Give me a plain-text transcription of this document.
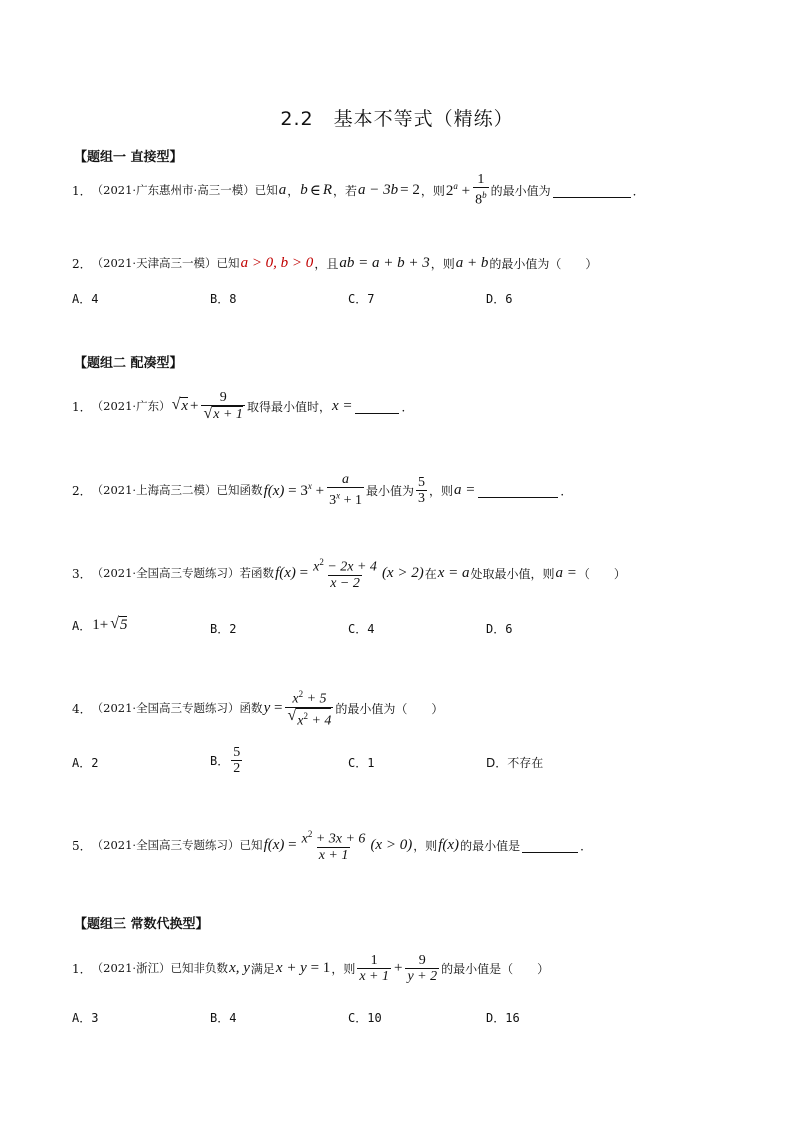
2.2　基本不等式（精练）
【题组一 直接型】
1． （2021·广东惠州市·高三一模）已知 a ， b ∈ R ，若 a − 3b = 2 ，则 $2^a + \frac{1}{8^b}$ 的最小值为	．
2． （2021·天津高三一模）已知 a > 0, b > 0 ，且 ab = a + b + 3 ，则 a + b 的最小值为（　　）
A．4	B．8	C．7	D．6
【题组二 配凑型】
1． （2021·广东） √ $x + \frac{9}{√ x + 1}$ 取得最小值时， x =	．
2． （2021·上海高三二模）已知函数 $f(x) = 3^x + \frac{a}{3^x + 1}$ 最小值为 $\frac{5}{3}$ ，则 a =	．
3． （2021·全国高三专题练习）若函数 $f(x) = \frac{x^2 - 2x + 4}{x - 2} (x > 2)$ 在 x = a 处取最小值，则 a = （　　）
A． 1+ √ 5	B．2	C．4	D．6
4． （2021·全国高三专题练习）函数 $y = \frac{x^2 + 5}{√ x^2 + 4}$ 的最小值为（　　）
A．2	B． $\frac{5}{2}$	C．1	D．不存在
5． （2021·全国高三专题练习）已知 $f(x) = \frac{x^2 + 3x + 6}{x + 1} (x > 0)$ ，则 f(x) 的最小值是	．
【题组三 常数代换型】
1． （2021·浙江）已知非负数 x, y 满足 x + y = 1 ，则 $\frac{1}{x + 1} + \frac{9}{y + 2}$ 的最小值是（　　）
A．3	B．4	C．10	D．16
